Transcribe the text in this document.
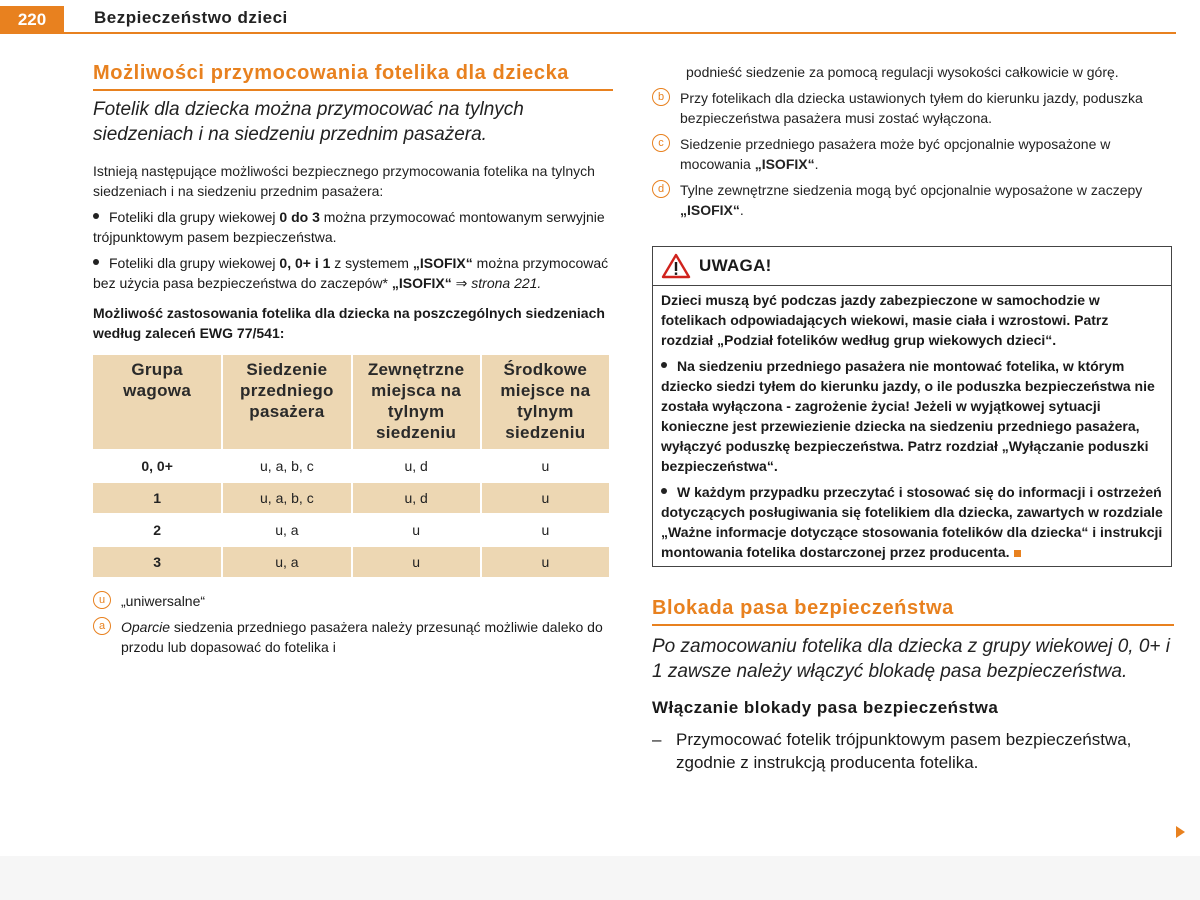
220	Bezpieczeństwo dzieci
Możliwości przymocowania fotelika dla dziecka
Fotelik dla dziecka można przymocować na tylnych siedzeniach i na siedzeniu przednim pasażera.
Istnieją następujące możliwości bezpiecznego przymocowania fotelika na tylnych siedzeniach i na siedzeniu przednim pasażera:
Foteliki dla grupy wiekowej 0 do 3 można przymocować montowanym serwyjnie trójpunktowym pasem bezpieczeństwa.
Foteliki dla grupy wiekowej 0, 0+ i 1 z systemem „ISOFIX“ można przymocować bez użycia pasa bezpieczeństwa do zaczepów* „ISOFIX“ ⇒ strona 221.
Możliwość zastosowania fotelika dla dziecka na poszczególnych siedzeniach według zaleceń EWG 77/541:
Grupa wagowa	Siedzenie przedniego pasażera	Zewnętrzne miejsca na tylnym siedzeniu	Środkowe miejsce na tylnym siedzeniu
0, 0+	u, a, b, c	u, d	u
1	u, a, b, c	u, d	u
2	u, a	u	u
3	u, a	u	u
u	„uniwersalne“
a	Oparcie siedzenia przedniego pasażera należy przesunąć możliwie daleko do przodu lub dopasować do fotelika i
podnieść siedzenie za pomocą regulacji wysokości całkowicie w górę.
b	Przy fotelikach dla dziecka ustawionych tyłem do kierunku jazdy, poduszka bezpieczeństwa pasażera musi zostać wyłączona.
c	Siedzenie przedniego pasażera może być opcjonalnie wyposażone w mocowania „ISOFIX“.
d	Tylne zewnętrzne siedzenia mogą być opcjonalnie wyposażone w zaczepy „ISOFIX“.
UWAGA!

Dzieci muszą być podczas jazdy zabezpieczone w samochodzie w fotelikach odpowiadających wiekowi, masie ciała i wzrostowi. Patrz rozdział „Podział fotelików według grup wiekowych dzieci“.

Na siedzeniu przedniego pasażera nie montować fotelika, w którym dziecko siedzi tyłem do kierunku jazdy, o ile poduszka bezpieczeństwa nie została wyłączona - zagrożenie życia! Jeżeli w wyjątkowej sytuacji konieczne jest przewiezienie dziecka na siedzeniu przedniego pasażera, wyłączyć poduszkę bezpieczeństwa. Patrz rozdział „Wyłączanie poduszki bezpieczeństwa“.
W każdym przypadku przeczytać i stosować się do informacji i ostrzeżeń dotyczących posługiwania się fotelikiem dla dziecka, zawartych w rozdziale „Ważne informacje dotyczące stosowania fotelików dla dziecka“ i instrukcji montowania fotelika dostarczonej przez producenta.
Blokada pasa bezpieczeństwa
Po zamocowaniu fotelika dla dziecka z grupy wiekowej 0, 0+ i 1 zawsze należy włączyć blokadę pasa bezpieczeństwa.
Włączanie blokady pasa bezpieczeństwa
– Przymocować fotelik trójpunktowym pasem bezpieczeństwa, zgodnie z instrukcją producenta fotelika.
